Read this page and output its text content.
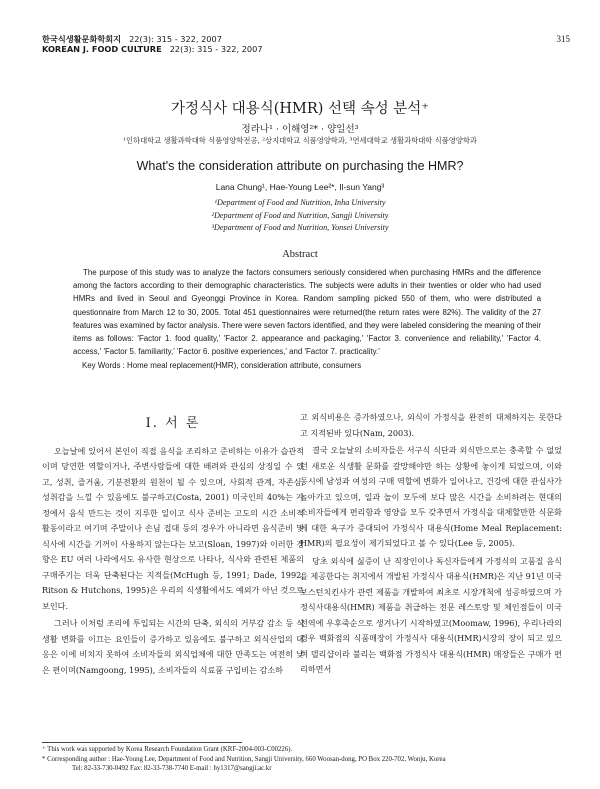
한국식생활문화학회지 22(3): 315 - 322, 2007
KOREAN J. FOOD CULTURE 22(3): 315 - 322, 2007
315
가정식사 대용식(HMR) 선택 속성 분석⁺
정라나¹ · 이해영²* · 양일선³
¹인하대학교 생활과학대학 식품영양학전공, ²상지대학교 식품영양학과, ³연세대학교 생활과학대학 식품영양학과
What's the consideration attribute on purchasing the HMR?
Lana Chung¹, Hae-Young Lee²*, Il-sun Yang³
¹Department of Food and Nutrition, Inha University
²Department of Food and Nutrition, Sangji University
³Department of Food and Nutrition, Yonsei University
Abstract
The purpose of this study was to analyze the factors consumers seriously considered when purchasing HMRs and the difference among the factors according to their demographic characteristics. The subjects were adults in their twenties or older who had used HMRs and lived in Seoul and Gyeonggi Province in Korea. Random sampling picked 550 of them, who were distributed a questionnaire from March 12 to 30, 2005. Total 451 questionnaires were returned(the return rates were 82%). The validity of the 27 features was examined by factor analysis. There were seven factors identified, and they were labeled considering the meaning of their items as follows: 'Factor 1. food quality,' 'Factor 2. appearance and packaging,' 'Factor 3. convenience and reliability,' 'Factor 4. access,' 'Factor 5. familiarity,' 'Factor 6. positive experiences,' and 'Factor 7. practicality.'
Key Words : Home meal replacement(HMR), consideration attribute, consumers
Ⅰ. 서 론

오늘날에 있어서 본인이 직접 음식을 조리하고 준비하는 이유가 습관적이며 당연한 역할이거나, 주변사람들에 대한 배려와 관심의 상징일 수 있고, 성취, 즐거움, 기분전환의 원천이 될 수 있으며, 사회적 관계, 자존심, 성취감을 느낄 수 있음에도 불구하고(Costa, 2001) 미국인의 40%는 가정에서 음식 만드는 것이 지루한 일이고 식사 준비는 고도의 시간 소비적 활동이라고 여기며 주말이나 손님 접대 등의 경우가 아니라면 음식준비 및 식사에 시간을 기꺼이 사용하지 않는다는 보고(Sloan, 1997)와 이러한 경향은 EU 여러 나라에서도 유사한 현상으로 나타나, 식사와 관련된 제품의 구매주기는 더욱 단축된다는 지적들(McHugh 등, 1991; Dade, 1992; Ritson & Hutchons, 1995)은 우리의 식생활에서도 예외가 아닌 것으로 보인다.

그러나 이처럼 조리에 투입되는 시간의 단축, 외식의 거부감 감소 등 식생활 변화를 이끄는 요인들이 증가하고 있음에도 불구하고 외식산업의 대응은 이에 비치지 못하여 소비자들의 외식업체에 대한 만족도는 여전히 낮은 편이며(Namgoong, 1995), 소비자들의 식료품 구입비는 감소하

고 외식비용은 증가하였으나, 외식이 가정식을 완전히 대체하지는 못한다고 지적된바 있다(Nam, 2003).

결국 오늘날의 소비자들은 서구식 식단과 외식만으로는 충족할 수 없었던 새로운 식생활 문화를 갈망해야만 하는 상황에 놓이게 되었으며, 이와 동시에 남성과 여성의 구매 역할에 변화가 일어나고, 건강에 대한 관심사가 높아가고 있으며, 일과 놀이 모두에 보다 많은 시간을 소비하려는 현대의 소비자들에게 편리함과 영양을 모두 갖추면서 가정식을 대체할만한 식문화에 대한 욕구가 증대되어 가정식사 대용식(Home Meal Replacement: HMR)의 필요성이 제기되었다고 볼 수 있다(Lee 등, 2005).

당초 외식에 싫증이 난 직장인이나 독신자들에게 가정식의 고품질 음식을 제공한다는 취지에서 개발된 가정식사 대용식(HMR)은 지난 91년 미국 보스턴치킨사가 관련 제품을 개발하여 최초로 시장개척에 성공하였으며 가정식사대용식(HMR) 제품을 취급하는 전문 레스토랑 및 체인점들이 미국 전역에 우후죽순으로 생겨나기 시작하였고(Moomaw, 1996), 우리나라의 경우 백화점의 식품매장이 가정식사 대용식(HMR)시장의 장이 되고 있으며 델리샵이라 불리는 백화점 가정식사 대용식(HMR) 매장들은 구매가 편리하면서

⁺ This work was supported by Korea Research Foundation Grant (KRF-2004-003-C00226).
* Corresponding author : Hae-Young Lee, Department of Food and Nutrition, Sangji University, 660 Woosan-dong, PO Box 220-702, Wonju, Korea
Tel: 82-33-730-0492 Fax: 82-33-738-7740 E-mail : hy1317@sangji.ac.kr
